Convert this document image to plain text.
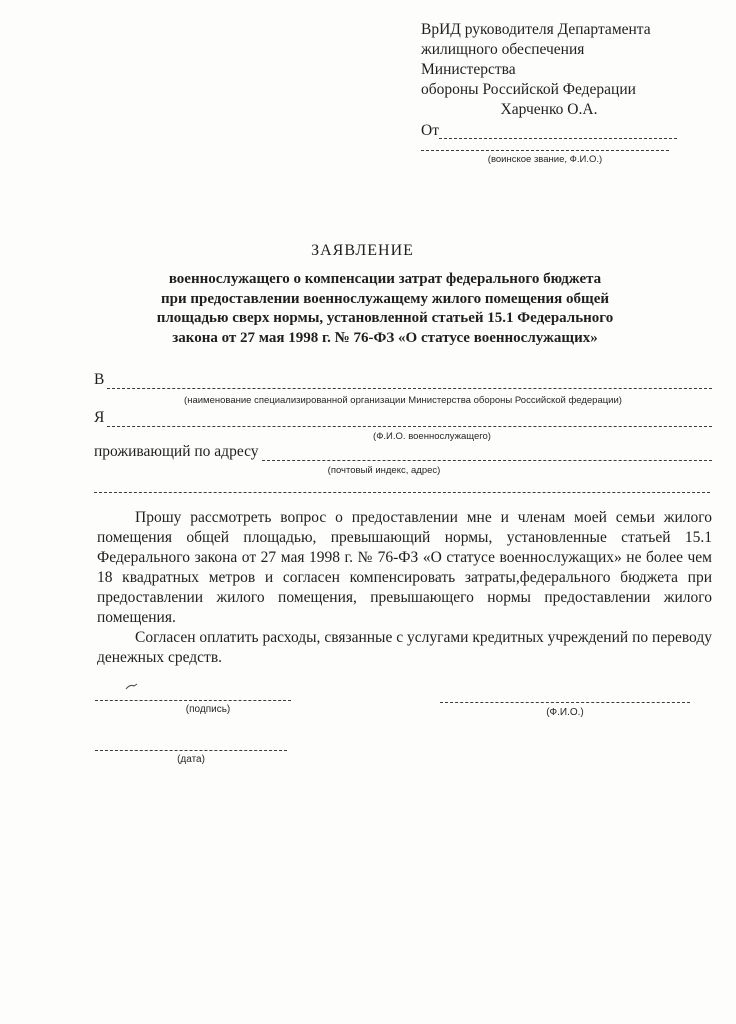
ВрИД руководителя Департамента
жилищного обеспечения Министерства
обороны Российской Федерации
Харченко О.А.
От
(воинское звание, Ф.И.О.)
ЗАЯВЛЕНИЕ
военнослужащего о компенсации затрат федерального бюджета
при предоставлении военнослужащему жилого помещения общей
площадью сверх нормы, установленной статьей 15.1 Федерального
закона от 27 мая 1998 г. № 76-ФЗ «О статусе военнослужащих»
В
(наименование специализированной организации Министерства обороны Российской федерации)
Я
(Ф.И.О. военнослужащего)
проживающий по адресу
(почтовый индекс, адрес)

Прошу рассмотреть вопрос о предоставлении мне и членам моей семьи жилого помещения общей площадью, превышающий нормы, установленные статьей 15.1 Федерального закона от 27 мая 1998 г. № 76-ФЗ «О статусе военнослужащих» не более чем 18 квадратных метров и согласен компенсировать затраты,федерального бюджета при предоставлении жилого помещения, превышающего нормы предоставлении жилого помещения.

Согласен оплатить расходы, связанные с услугами кредитных учреждений по переводу денежных средств.

(подпись)	(Ф.И.О.)
(дата)
